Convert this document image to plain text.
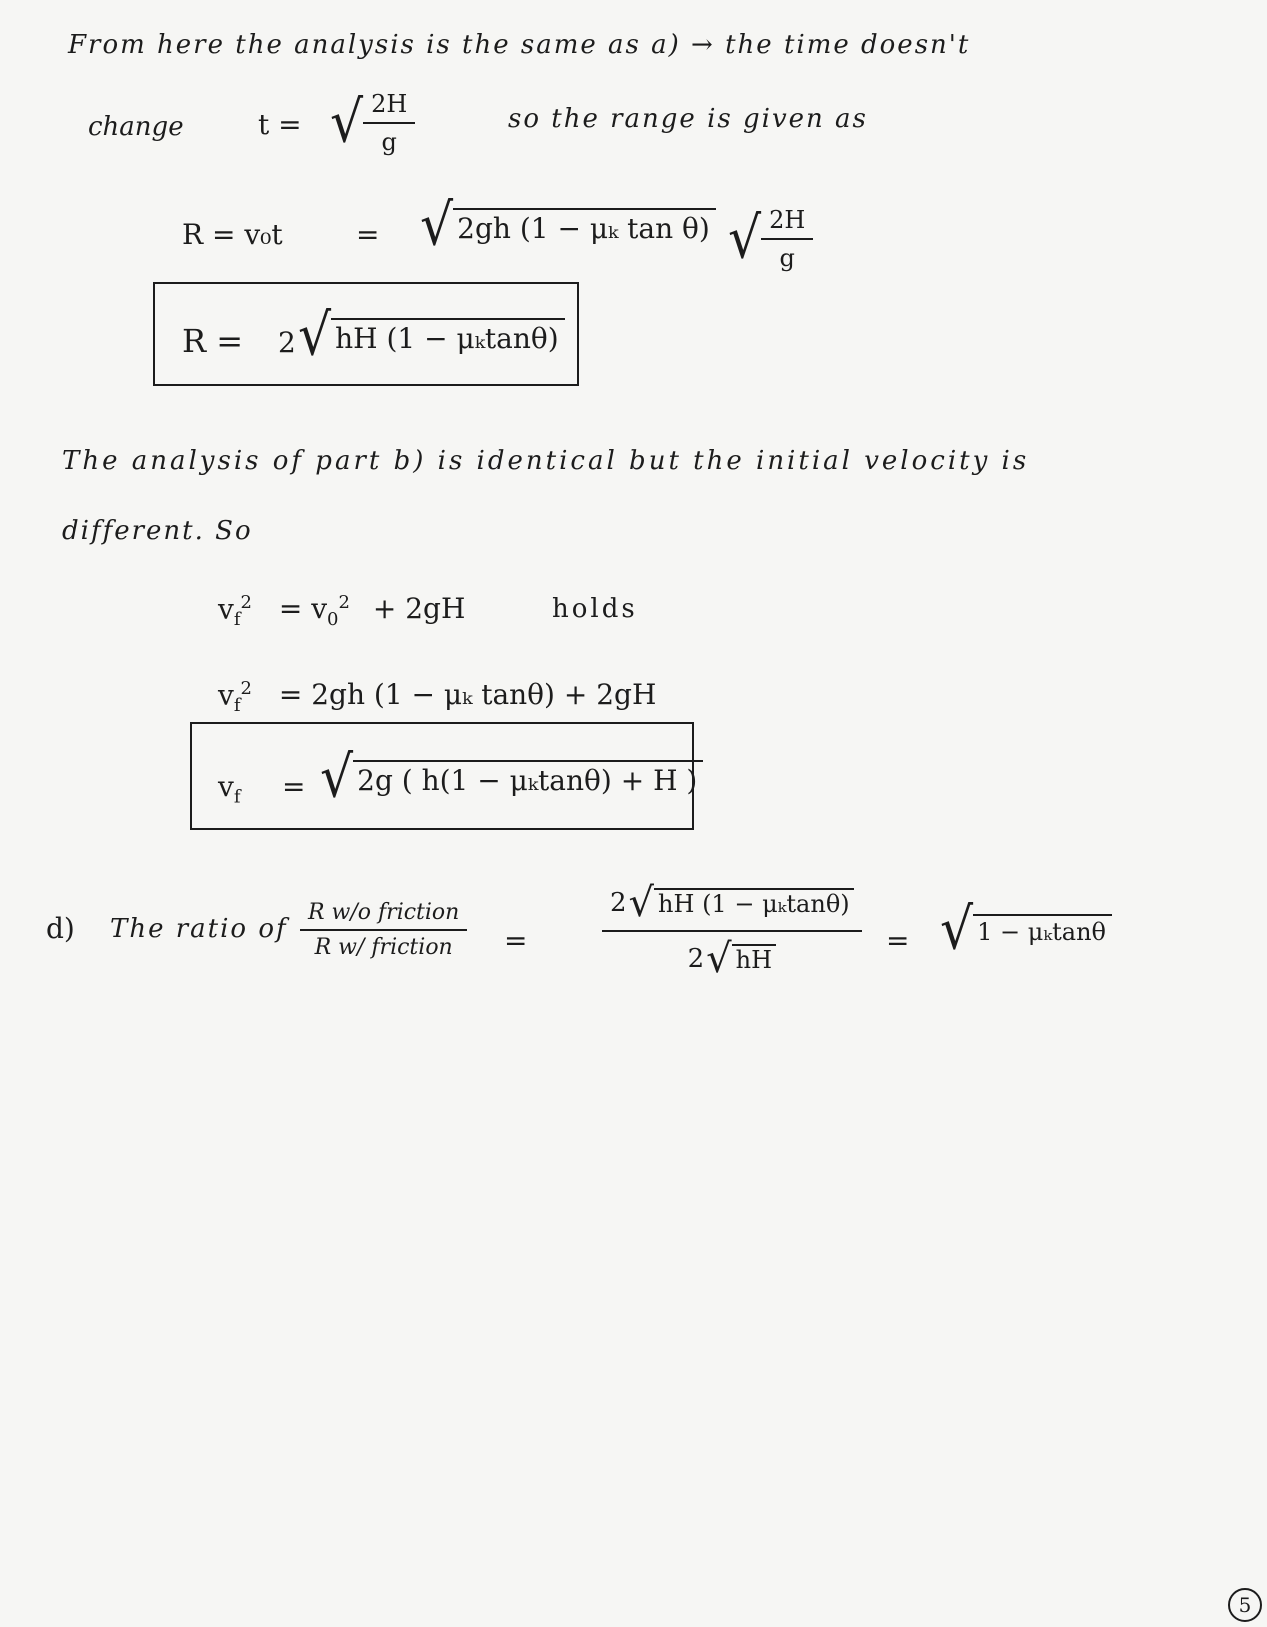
From here the analysis is the same as a) → the time doesn't
change	t = √ $\frac{2H}{g}$	so the range is given as
R = v₀t	= √ 2gh (1 − μₖ tan θ) √ $\frac{2H}{g}$
R = 2 √ hH (1 − μₖtanθ)
The analysis of part b) is identical but the initial velocity is
different. So
$v_f^2 = v_0^2 + 2gH$	holds
$v_f^2 = 2gh$ (1 − μₖ tanθ) + 2gH
$v_f$ = √ 2g ( h(1 − μₖtanθ) + H )
d) The ratio of
R w/o friction
R w/ friction =	$\frac{\text{2 √ hH (1 − μₖtanθ)}}{2 √ hH}$ = √ 1 − μₖtanθ
5
